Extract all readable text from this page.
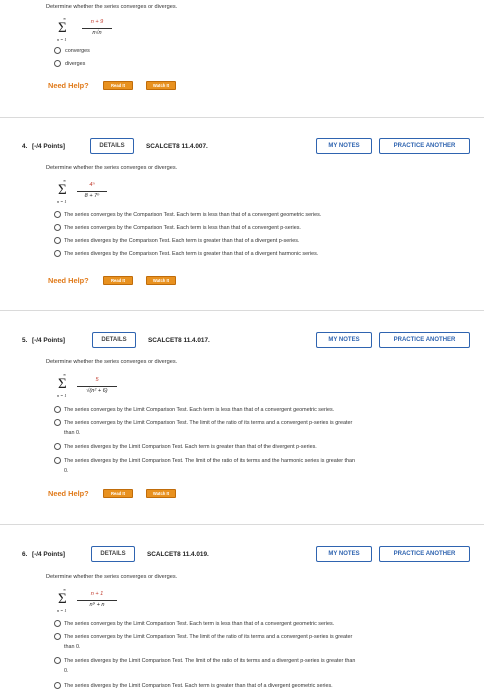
Determine whether the series converges or diverges.
∞
Σ
n = 1
n + 9
n√n
converges
diverges
Need Help?	Read It	Watch It
4. [-/4 Points]	DETAILS	SCALCET8 11.4.007.	MY NOTES	PRACTICE ANOTHER
Determine whether the series converges or diverges.
∞
Σ
n = 1
4ⁿ
8 + 7ⁿ
The series converges by the Comparison Test. Each term is less than that of a convergent geometric series.
The series converges by the Comparison Test. Each term is less than that of a convergent p-series.
The series diverges by the Comparison Test. Each term is greater than that of a divergent p-series.
The series diverges by the Comparison Test. Each term is greater than that of a divergent harmonic series.
Need Help?	Read It	Watch It
5. [-/4 Points]	DETAILS	SCALCET8 11.4.017.	MY NOTES	PRACTICE ANOTHER
Determine whether the series converges or diverges.
∞
Σ
n = 1
5
√(n² + 6)
The series converges by the Limit Comparison Test. Each term is less than that of a convergent geometric series.
The series converges by the Limit Comparison Test. The limit of the ratio of its terms and a convergent p-series is greater
than 0.
The series diverges by the Limit Comparison Test. Each term is greater than that of the divergent p-series.
The series diverges by the Limit Comparison Test. The limit of the ratio of its terms and the harmonic series is greater than
0.
Need Help?	Read It	Watch It
6. [-/4 Points]	DETAILS	SCALCET8 11.4.019.	MY NOTES	PRACTICE ANOTHER
Determine whether the series converges or diverges.
∞
Σ
n = 1
n + 1
n⁹ + n
The series converges by the Limit Comparison Test. Each term is less than that of a convergent geometric series.
The series converges by the Limit Comparison Test. The limit of the ratio of its terms and a convergent p-series is greater
than 0.
The series diverges by the Limit Comparison Test. The limit of the ratio of its terms and a divergent p-series is greater than
0.
The series diverges by the Limit Comparison Test. Each term is greater than that of a divergent geometric series.
